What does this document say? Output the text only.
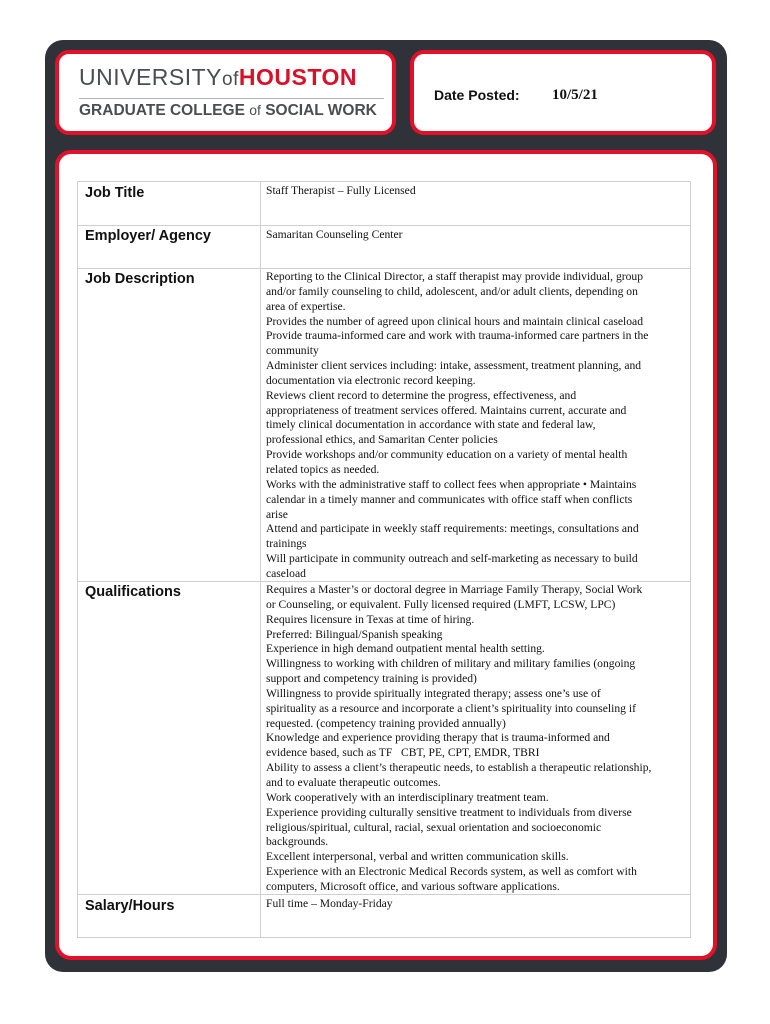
UNIVERSITYofHOUSTON
GRADUATE COLLEGE of SOCIAL WORK
Date Posted: 10/5/21
Job Title
Employer/ Agency
Job Description
Qualifications
Salary/Hours
Staff Therapist – Fully Licensed
Samaritan Counseling Center
Reporting to the Clinical Director, a staff therapist may provide individual, group
and/or family counseling to child, adolescent, and/or adult clients, depending on
area of expertise.
Provides the number of agreed upon clinical hours and maintain clinical caseload
Provide trauma-informed care and work with trauma-informed care partners in the
community
Administer client services including: intake, assessment, treatment planning, and
documentation via electronic record keeping.
Reviews client record to determine the progress, effectiveness, and
appropriateness of treatment services offered. Maintains current, accurate and
timely clinical documentation in accordance with state and federal law,
professional ethics, and Samaritan Center policies
Provide workshops and/or community education on a variety of mental health
related topics as needed.
Works with the administrative staff to collect fees when appropriate • Maintains
calendar in a timely manner and communicates with office staff when conflicts
arise
Attend and participate in weekly staff requirements: meetings, consultations and
trainings
Will participate in community outreach and self-marketing as necessary to build
caseload
Requires a Master’s or doctoral degree in Marriage Family Therapy, Social Work
or Counseling, or equivalent. Fully licensed required (LMFT, LCSW, LPC)
Requires licensure in Texas at time of hiring.
Preferred: Bilingual/Spanish speaking
Experience in high demand outpatient mental health setting.
Willingness to working with children of military and military families (ongoing
support and competency training is provided)
Willingness to provide spiritually integrated therapy; assess one’s use of
spirituality as a resource and incorporate a client’s spirituality into counseling if
requested. (competency training provided annually)
Knowledge and experience providing therapy that is trauma-informed and
evidence based, such as TF   CBT, PE, CPT, EMDR, TBRI
Ability to assess a client’s therapeutic needs, to establish a therapeutic relationship,
and to evaluate therapeutic outcomes.
Work cooperatively with an interdisciplinary treatment team.
Experience providing culturally sensitive treatment to individuals from diverse
religious/spiritual, cultural, racial, sexual orientation and socioeconomic
backgrounds.
Excellent interpersonal, verbal and written communication skills.
Experience with an Electronic Medical Records system, as well as comfort with
computers, Microsoft office, and various software applications.
Full time – Monday-Friday
